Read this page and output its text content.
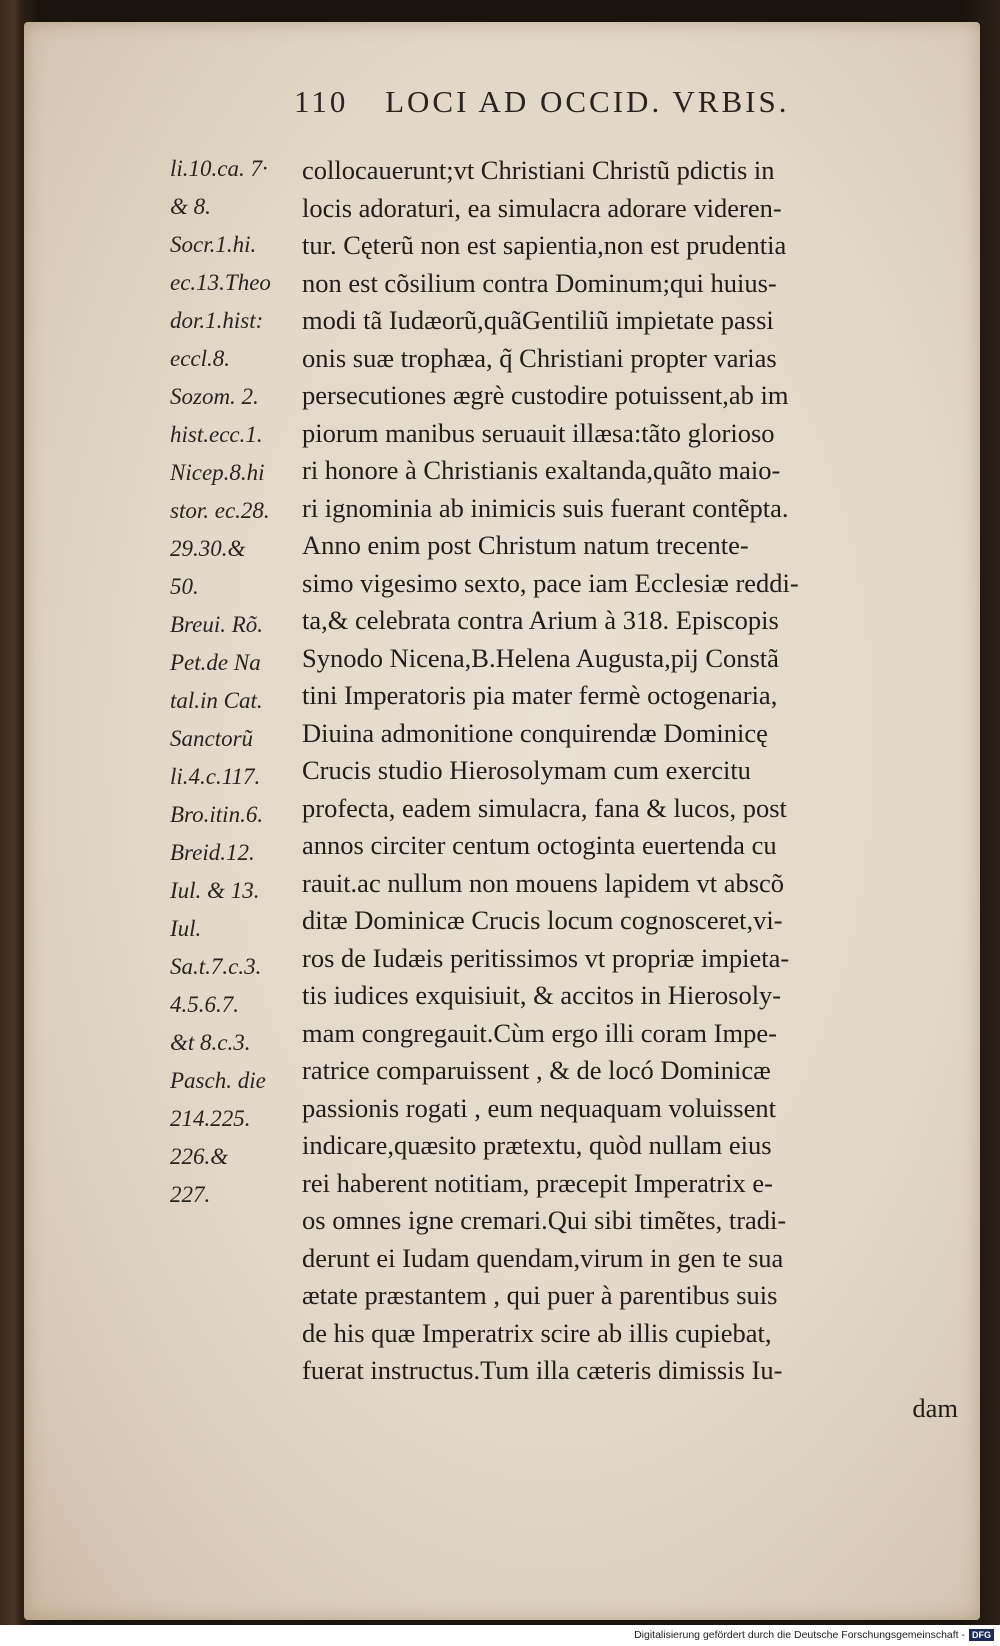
110 LOCI AD OCCID. VRBIS.
li.10.ca. 7·
& 8.
Socr.1.hi.
ec.13.Theo
dor.1.hist:
eccl.8.
Sozom. 2.
hist.ecc.1.
Nicep.8.hi
stor. ec.28.
29.30.&
50.
Breui. Rõ.
Pet.de Na
tal.in Cat.
Sanctorũ
li.4.c.117.
Bro.itin.6.
Breid.12.
Iul. & 13.
Iul.
Sa.t.7.c.3.
4.5.6.7.
&t 8.c.3.
Pasch. die
214.225.
226.&
227.
collocauerunt;vt Christiani Christũ pdictis in
locis adoraturi, ea simulacra adorare videren-
tur. Cęterũ non est sapientia,non est prudentia
non est cõsilium contra Dominum;qui huius-
modi tã Iudæorũ,quãGentiliũ impietate passi
onis suæ trophæa, q̃ Christiani propter varias
persecutiones ægrè custodire potuissent,ab im
piorum manibus seruauit illæsa:tãto glorioso
ri honore à Christianis exaltanda,quãto maio-
ri ignominia ab inimicis suis fuerant contẽpta.
Anno enim post Christum natum trecente-
simo vigesimo sexto, pace iam Ecclesiæ reddi-
ta,& celebrata contra Arium à 318. Episcopis
Synodo Nicena,B.Helena Augusta,pij Constã
tini Imperatoris pia mater fermè octogenaria,
Diuina admonitione conquirendæ Dominicę
Crucis studio Hierosolymam cum exercitu
profecta, eadem simulacra, fana & lucos, post
annos circiter centum octoginta euertenda cu
rauit.ac nullum non mouens lapidem vt abscõ
ditæ Dominicæ Crucis locum cognosceret,vi-
ros de Iudæis peritissimos vt propriæ impieta-
tis iudices exquisiuit, & accitos in Hierosoly-
mam congregauit.Cùm ergo illi coram Impe-
ratrice comparuissent , & de locó Dominicæ
passionis rogati , eum nequaquam voluissent
indicare,quæsito prætextu, quòd nullam eius
rei haberent notitiam, præcepit Imperatrix e-
os omnes igne cremari.Qui sibi timẽtes, tradi-
derunt ei Iudam quendam,virum in gen te sua
ætate præstantem , qui puer à parentibus suis
de his quæ Imperatrix scire ab illis cupiebat,
fuerat instructus.Tum illa cæteris dimissis Iu-
dam
Digitalisierung gefördert durch die Deutsche Forschungsgemeinschaft - DFG
